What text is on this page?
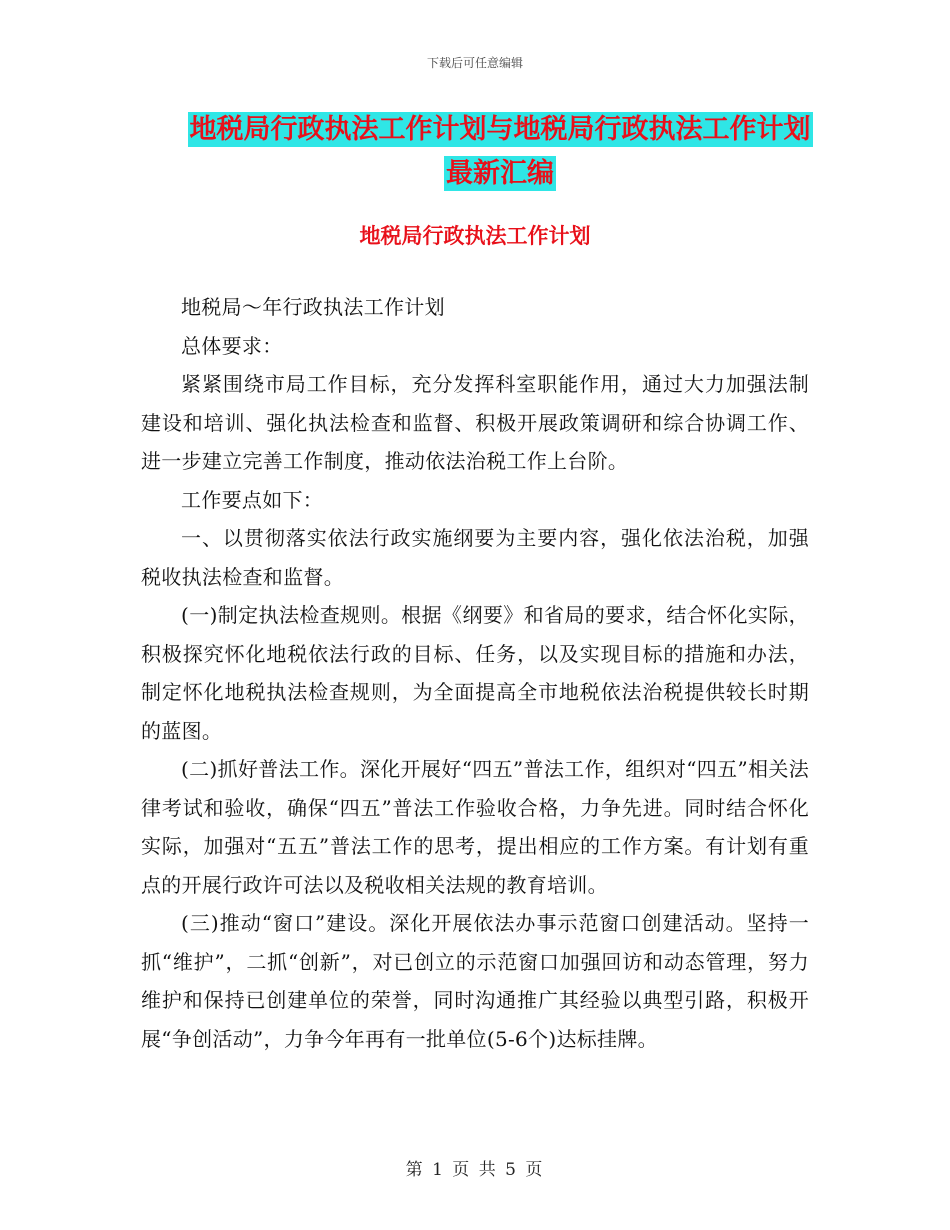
下载后可任意编辑
地税局行政执法工作计划与地税局行政执法工作计划
最新汇编
地税局行政执法工作计划

地税局～年行政执法工作计划

总体要求：

紧紧围绕市局工作目标，充分发挥科室职能作用，通过大力加强法制建设和培训、强化执法检查和监督、积极开展政策调研和综合协调工作、进一步建立完善工作制度，推动依法治税工作上台阶。

工作要点如下：

一、以贯彻落实依法行政实施纲要为主要内容，强化依法治税，加强税收执法检查和监督。

(一)制定执法检查规则。根据《纲要》和省局的要求，结合怀化实际，积极探究怀化地税依法行政的目标、任务，以及实现目标的措施和办法，制定怀化地税执法检查规则，为全面提高全市地税依法治税提供较长时期的蓝图。

(二)抓好普法工作。深化开展好“四五”普法工作，组织对“四五”相关法律考试和验收，确保“四五”普法工作验收合格，力争先进。同时结合怀化实际，加强对“五五”普法工作的思考，提出相应的工作方案。有计划有重点的开展行政许可法以及税收相关法规的教育培训。

(三)推动“窗口”建设。深化开展依法办事示范窗口创建活动。坚持一抓“维护”，二抓“创新”，对已创立的示范窗口加强回访和动态管理，努力维护和保持已创建单位的荣誉，同时沟通推广其经验以典型引路，积极开展“争创活动”，力争今年再有一批单位(5-6个)达标挂牌。

第 1 页 共 5 页
